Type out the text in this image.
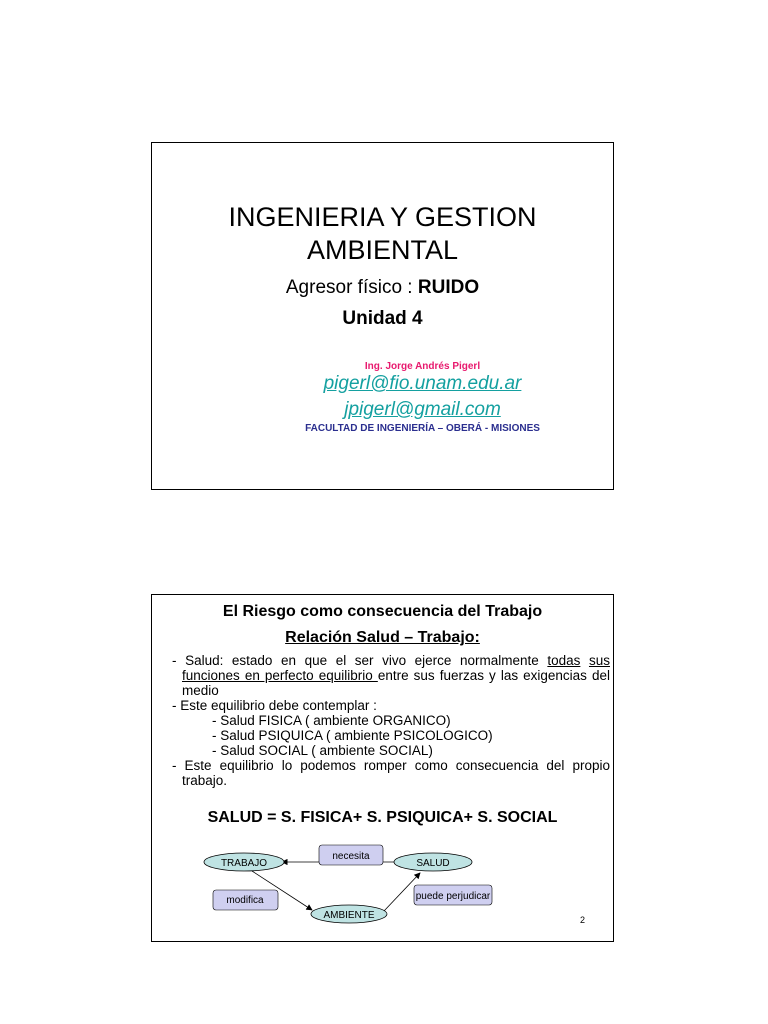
INGENIERIA Y GESTION
AMBIENTAL
Agresor físico : RUIDO
Unidad 4
Ing. Jorge Andrés Pigerl
pigerl@fio.unam.edu.ar
jpigerl@gmail.com
FACULTAD DE INGENIERÍA – OBERÁ - MISIONES
El Riesgo como consecuencia del Trabajo
Relación Salud – Trabajo:
- Salud: estado en que el ser vivo ejerce normalmente todas sus funciones en perfecto equilibrio entre sus fuerzas y las exigencias del medio
- Este equilibrio debe contemplar :
- Salud FISICA ( ambiente ORGANICO)
- Salud PSIQUICA ( ambiente PSICOLOGICO)
- Salud SOCIAL ( ambiente SOCIAL)
- Este equilibrio lo podemos romper como consecuencia del propio trabajo.
SALUD = S. FISICA+ S. PSIQUICA+ S. SOCIAL
TRABAJO	SALUD
AMBIENTE
necesita
modifica	puede perjudicar
2
